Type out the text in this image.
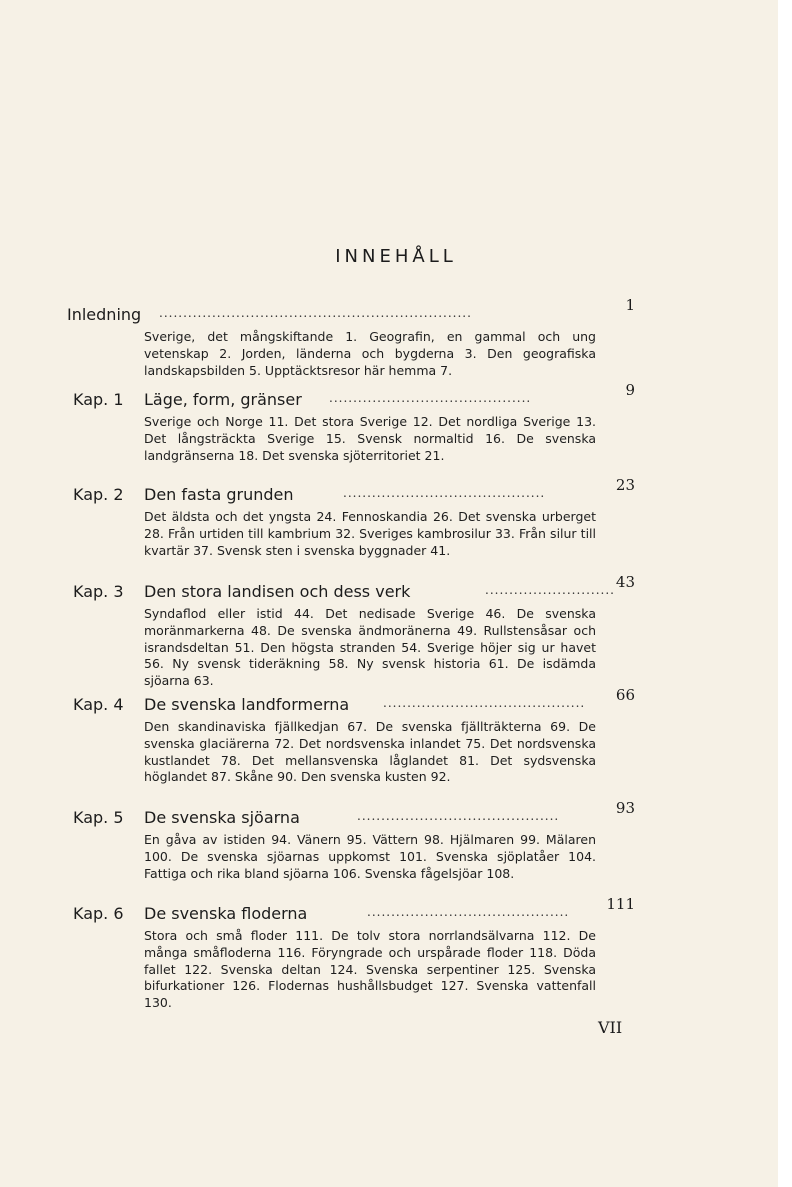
INNEHÅLL
Inledning .................................................................	1
Sverige, det mångskiftande 1. Geografin, en gammal och ung vetenskap 2. Jorden, länderna och bygderna 3. Den geografiska landskapsbilden 5. Upptäcktsresor här hemma 7.
Kap. 1 Läge, form, gränser ..........................................	9
Sverige och Norge 11. Det stora Sverige 12. Det nordliga Sverige 13. Det långsträckta Sverige 15. Svensk normaltid 16. De svenska landgränserna 18. Det svenska sjöterritoriet 21.
Kap. 2 Den fasta grunden	..........................................	23
Det äldsta och det yngsta 24. Fennoskandia 26. Det svenska urberget 28. Från urtiden till kambrium 32. Sveriges kambrosilur 33. Från silur till kvartär 37. Svensk sten i svenska byggnader 41.
Kap. 3 Den stora landisen och dess verk	........................... 43
Syndaflod eller istid 44. Det nedisade Sverige 46. De svenska moränmarkerna 48. De svenska ändmoränerna 49. Rullstensåsar och israndsdeltan 51. Den högsta stranden 54. Sverige höjer sig ur havet 56. Ny svensk tideräkning 58. Ny svensk historia 61. De isdämda sjöarna 63.
Kap. 4 De svenska landformerna	..........................................	66
Den skandinaviska fjällkedjan 67. De svenska fjällträkterna 69. De svenska glaciärerna 72. Det nordsvenska inlandet 75. Det nordsvenska kustlandet 78. Det mellansvenska låglandet 81. Det sydsvenska höglandet 87. Skåne 90. Den svenska kusten 92.
Kap. 5 De svenska sjöarna	..........................................	93
En gåva av istiden 94. Vänern 95. Vättern 98. Hjälmaren 99. Mälaren 100. De svenska sjöarnas uppkomst 101. Svenska sjöplatåer 104. Fattiga och rika bland sjöarna 106. Svenska fågelsjöar 108.
Kap. 6 De svenska floderna	..........................................	111
Stora och små floder 111. De tolv stora norrlandsälvarna 112. De många småfloderna 116. Föryngrade och urspårade floder 118. Döda fallet 122. Svenska deltan 124. Svenska serpentiner 125. Svenska bifurkationer 126. Flodernas hushållsbudget 127. Svenska vattenfall 130.
VII
